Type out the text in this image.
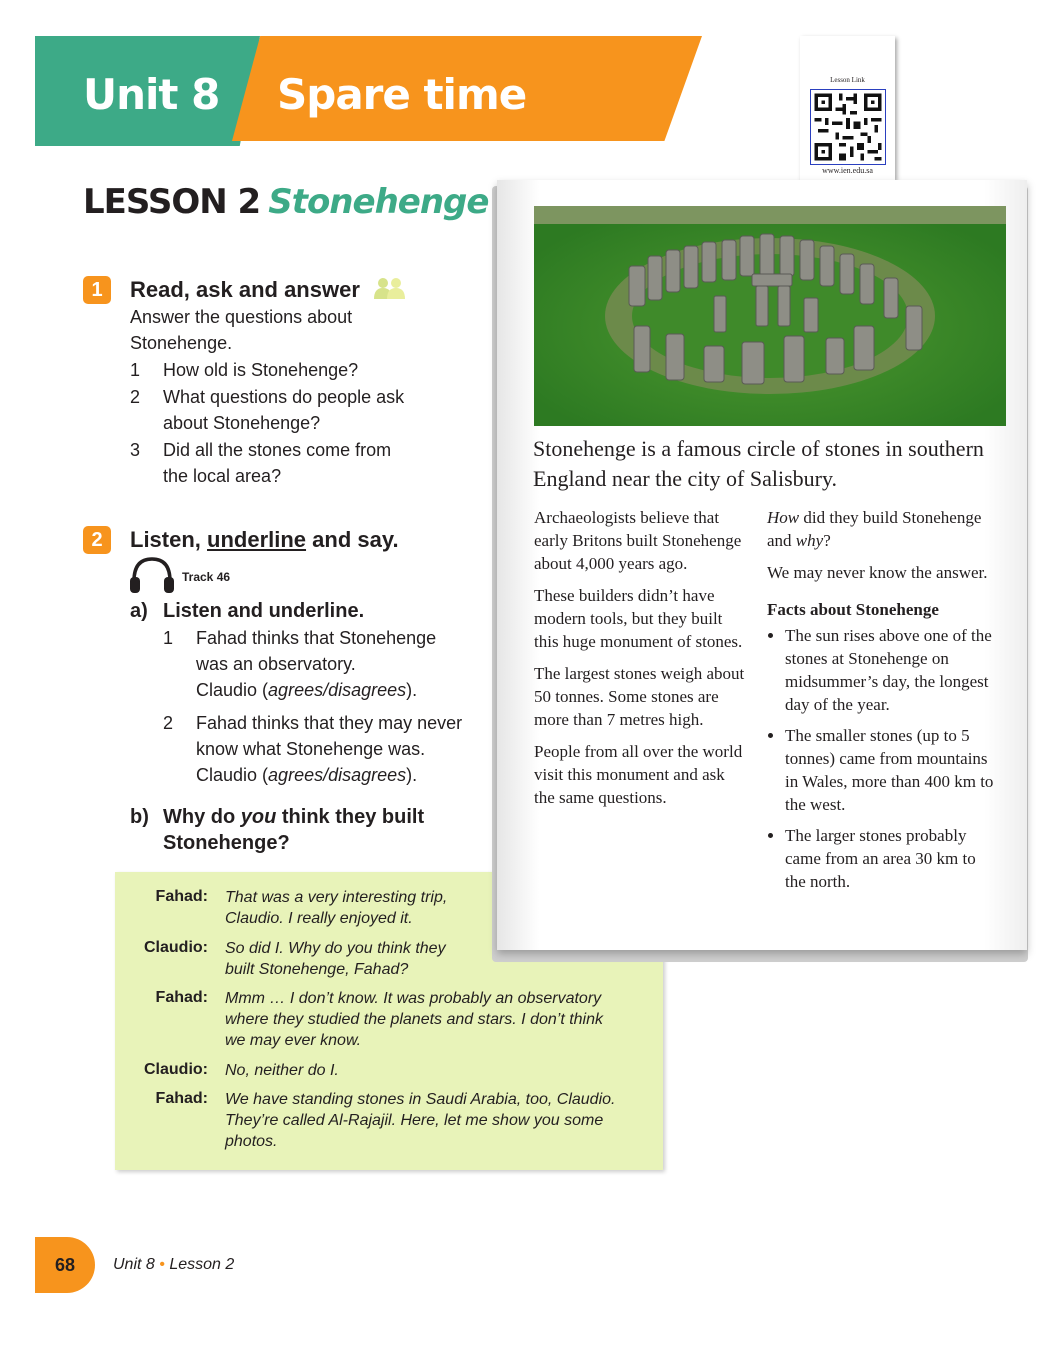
Unit 8 Spare time	Lesson Link
www.ien.edu.sa
LESSON 2 Stonehenge
1	Read, ask and answer
Answer the questions about Stonehenge.
1 How old is Stonehenge?
2 What questions do people ask
about Stonehenge?
3 Did all the stones come from
the local area?
2	Listen, underline and say.
Track 46
a) Listen and underline.
1 Fahad thinks that Stonehenge
was an observatory.
Claudio (agrees/disagrees).
2 Fahad thinks that they may never
know what Stonehenge was.
Claudio (agrees/disagrees).
b) Why do you think they built
Stonehenge?
Fahad: That was a very interesting trip,
Claudio. I really enjoyed it.
Claudio: So did I. Why do you think they
built Stonehenge, Fahad?
Fahad: Mmm … I don’t know. It was probably an observatory
where they studied the planets and stars. I don’t think
we may ever know.
Claudio: No, neither do I.
Fahad: We have standing stones in Saudi Arabia, too, Claudio.
They’re called Al-Rajajil. Here, let me show you some
photos.
Stonehenge is a famous circle of stones in southern England near the city of Salisbury.

Archaeologists believe that early Britons built Stonehenge about 4,000 years ago.

These builders didn’t have modern tools, but they built this huge monument of stones.

The largest stones weigh about 50 tonnes. Some stones are more than 7 metres high.

People from all over the world visit this monument and ask the same questions.

How did they build Stonehenge and why?

We may never know the answer.

Facts about Stonehenge

• The sun rises above one of the stones at Stonehenge on midsummer’s day, the longest day of the year.
• The smaller stones (up to 5 tonnes) came from mountains in Wales, more than 400 km to the west.
• The larger stones probably came from an area 30 km to the north.
68	Unit 8 • Lesson 2
